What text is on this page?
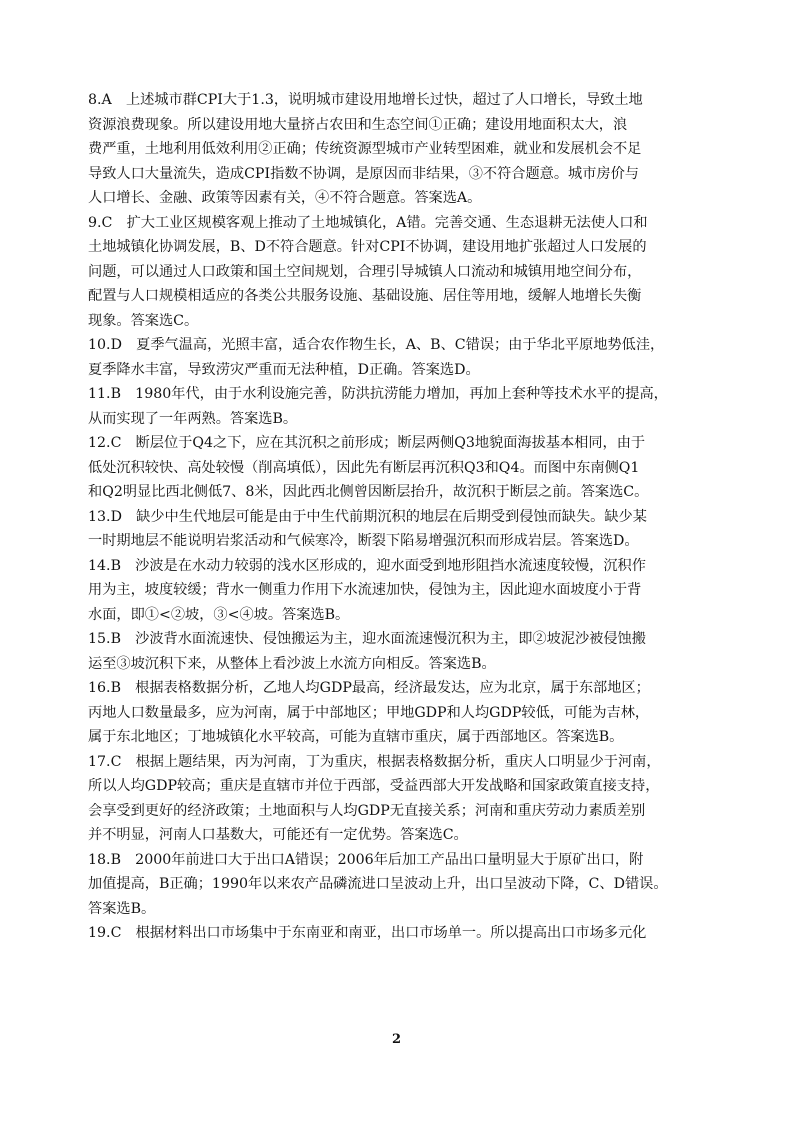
8.A　上述城市群CPI大于1.3，说明城市建设用地增长过快，超过了人口增长，导致土地
资源浪费现象。所以建设用地大量挤占农田和生态空间①正确；建设用地面积太大，浪
费严重，土地利用低效利用②正确；传统资源型城市产业转型困难，就业和发展机会不足
导致人口大量流失，造成CPI指数不协调，是原因而非结果，③不符合题意。城市房价与
人口增长、金融、政策等因素有关，④不符合题意。答案选A。
9.C　扩大工业区规模客观上推动了土地城镇化，A错。完善交通、生态退耕无法使人口和
土地城镇化协调发展，B、D不符合题意。针对CPI不协调，建设用地扩张超过人口发展的
问题，可以通过人口政策和国土空间规划，合理引导城镇人口流动和城镇用地空间分布，
配置与人口规模相适应的各类公共服务设施、基础设施、居住等用地，缓解人地增长失衡
现象。答案选C。
10.D　夏季气温高，光照丰富，适合农作物生长，A、B、C错误；由于华北平原地势低洼，
夏季降水丰富，导致涝灾严重而无法种植，D正确。答案选D。
11.B　1980年代，由于水利设施完善，防洪抗涝能力增加，再加上套种等技术水平的提高，
从而实现了一年两熟。答案选B。
12.C　断层位于Q4之下，应在其沉积之前形成；断层两侧Q3地貌面海拔基本相同，由于
低处沉积较快、高处较慢（削高填低），因此先有断层再沉积Q3和Q4。而图中东南侧Q1
和Q2明显比西北侧低7、8米，因此西北侧曾因断层抬升，故沉积于断层之前。答案选C。
13.D　缺少中生代地层可能是由于中生代前期沉积的地层在后期受到侵蚀而缺失。缺少某
一时期地层不能说明岩浆活动和气候寒冷，断裂下陷易增强沉积而形成岩层。答案选D。
14.B　沙波是在水动力较弱的浅水区形成的，迎水面受到地形阻挡水流速度较慢，沉积作
用为主，坡度较缓；背水一侧重力作用下水流速加快，侵蚀为主，因此迎水面坡度小于背
水面，即①<②坡，③<④坡。答案选B。
15.B　沙波背水面流速快、侵蚀搬运为主，迎水面流速慢沉积为主，即②坡泥沙被侵蚀搬
运至③坡沉积下来，从整体上看沙波上水流方向相反。答案选B。
16.B　根据表格数据分析，乙地人均GDP最高，经济最发达，应为北京，属于东部地区；
丙地人口数量最多，应为河南，属于中部地区；甲地GDP和人均GDP较低，可能为吉林，
属于东北地区；丁地城镇化水平较高，可能为直辖市重庆，属于西部地区。答案选B。
17.C　根据上题结果，丙为河南，丁为重庆，根据表格数据分析，重庆人口明显少于河南，
所以人均GDP较高；重庆是直辖市并位于西部，受益西部大开发战略和国家政策直接支持，
会享受到更好的经济政策；土地面积与人均GDP无直接关系；河南和重庆劳动力素质差别
并不明显，河南人口基数大，可能还有一定优势。答案选C。
18.B　2000年前进口大于出口A错误；2006年后加工产品出口量明显大于原矿出口，附
加值提高，B正确；1990年以来农产品磷流进口呈波动上升，出口呈波动下降，C、D错误。
答案选B。
19.C　根据材料出口市场集中于东南亚和南亚，出口市场单一。所以提高出口市场多元化
2
